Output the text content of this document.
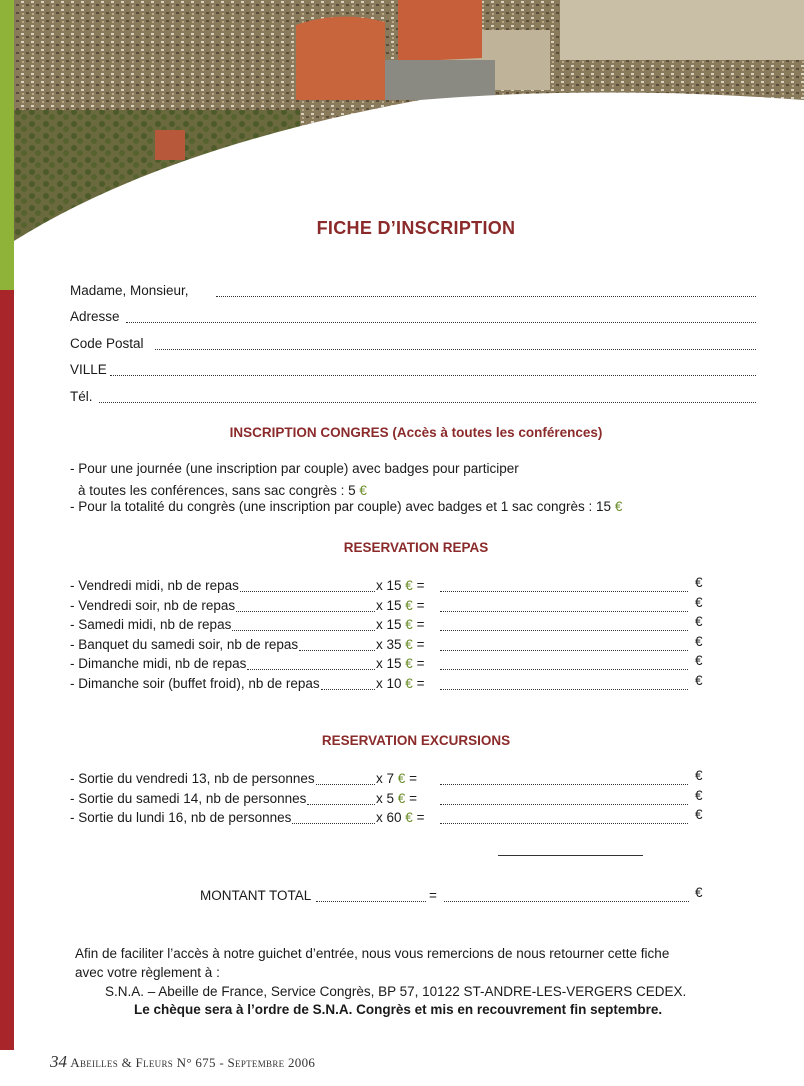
FICHE D’INSCRIPTION
Madame, Monsieur,
Adresse
Code Postal
VILLE
Tél.
INSCRIPTION CONGRES (Accès à toutes les conférences)
- Pour une journée (une inscription par couple) avec badges pour participer
à toutes les conférences, sans sac congrès : 5 €
- Pour la totalité du congrès (une inscription par couple) avec badges et 1 sac congrès : 15 €
RESERVATION REPAS
- Vendredi midi, nb de repas	x 15 € =	€
- Vendredi soir, nb de repas	x 15 € =	€
- Samedi midi, nb de repas	x 15 € =	€
- Banquet du samedi soir, nb de repas	x 35 € =	€
- Dimanche midi, nb de repas	x 15 € =	€
- Dimanche soir (buffet froid), nb de repas	x 10 € =	€
RESERVATION EXCURSIONS
- Sortie du vendredi 13, nb de personnes	x 7 € =	€
- Sortie du samedi 14, nb de personnes	x 5 € =	€
- Sortie du lundi 16, nb de personnes	x 60 € =	€
MONTANT TOTAL	=	€
Afin de faciliter l’accès à notre guichet d’entrée, nous vous remercions de nous retourner cette fiche
avec votre règlement à :
S.N.A. – Abeille de France, Service Congrès, BP 57, 10122 ST-ANDRE-LES-VERGERS CEDEX.
Le chèque sera à l’ordre de S.N.A. Congrès et mis en recouvrement fin septembre.
34 Abeilles & Fleurs N° 675 - Septembre 2006
